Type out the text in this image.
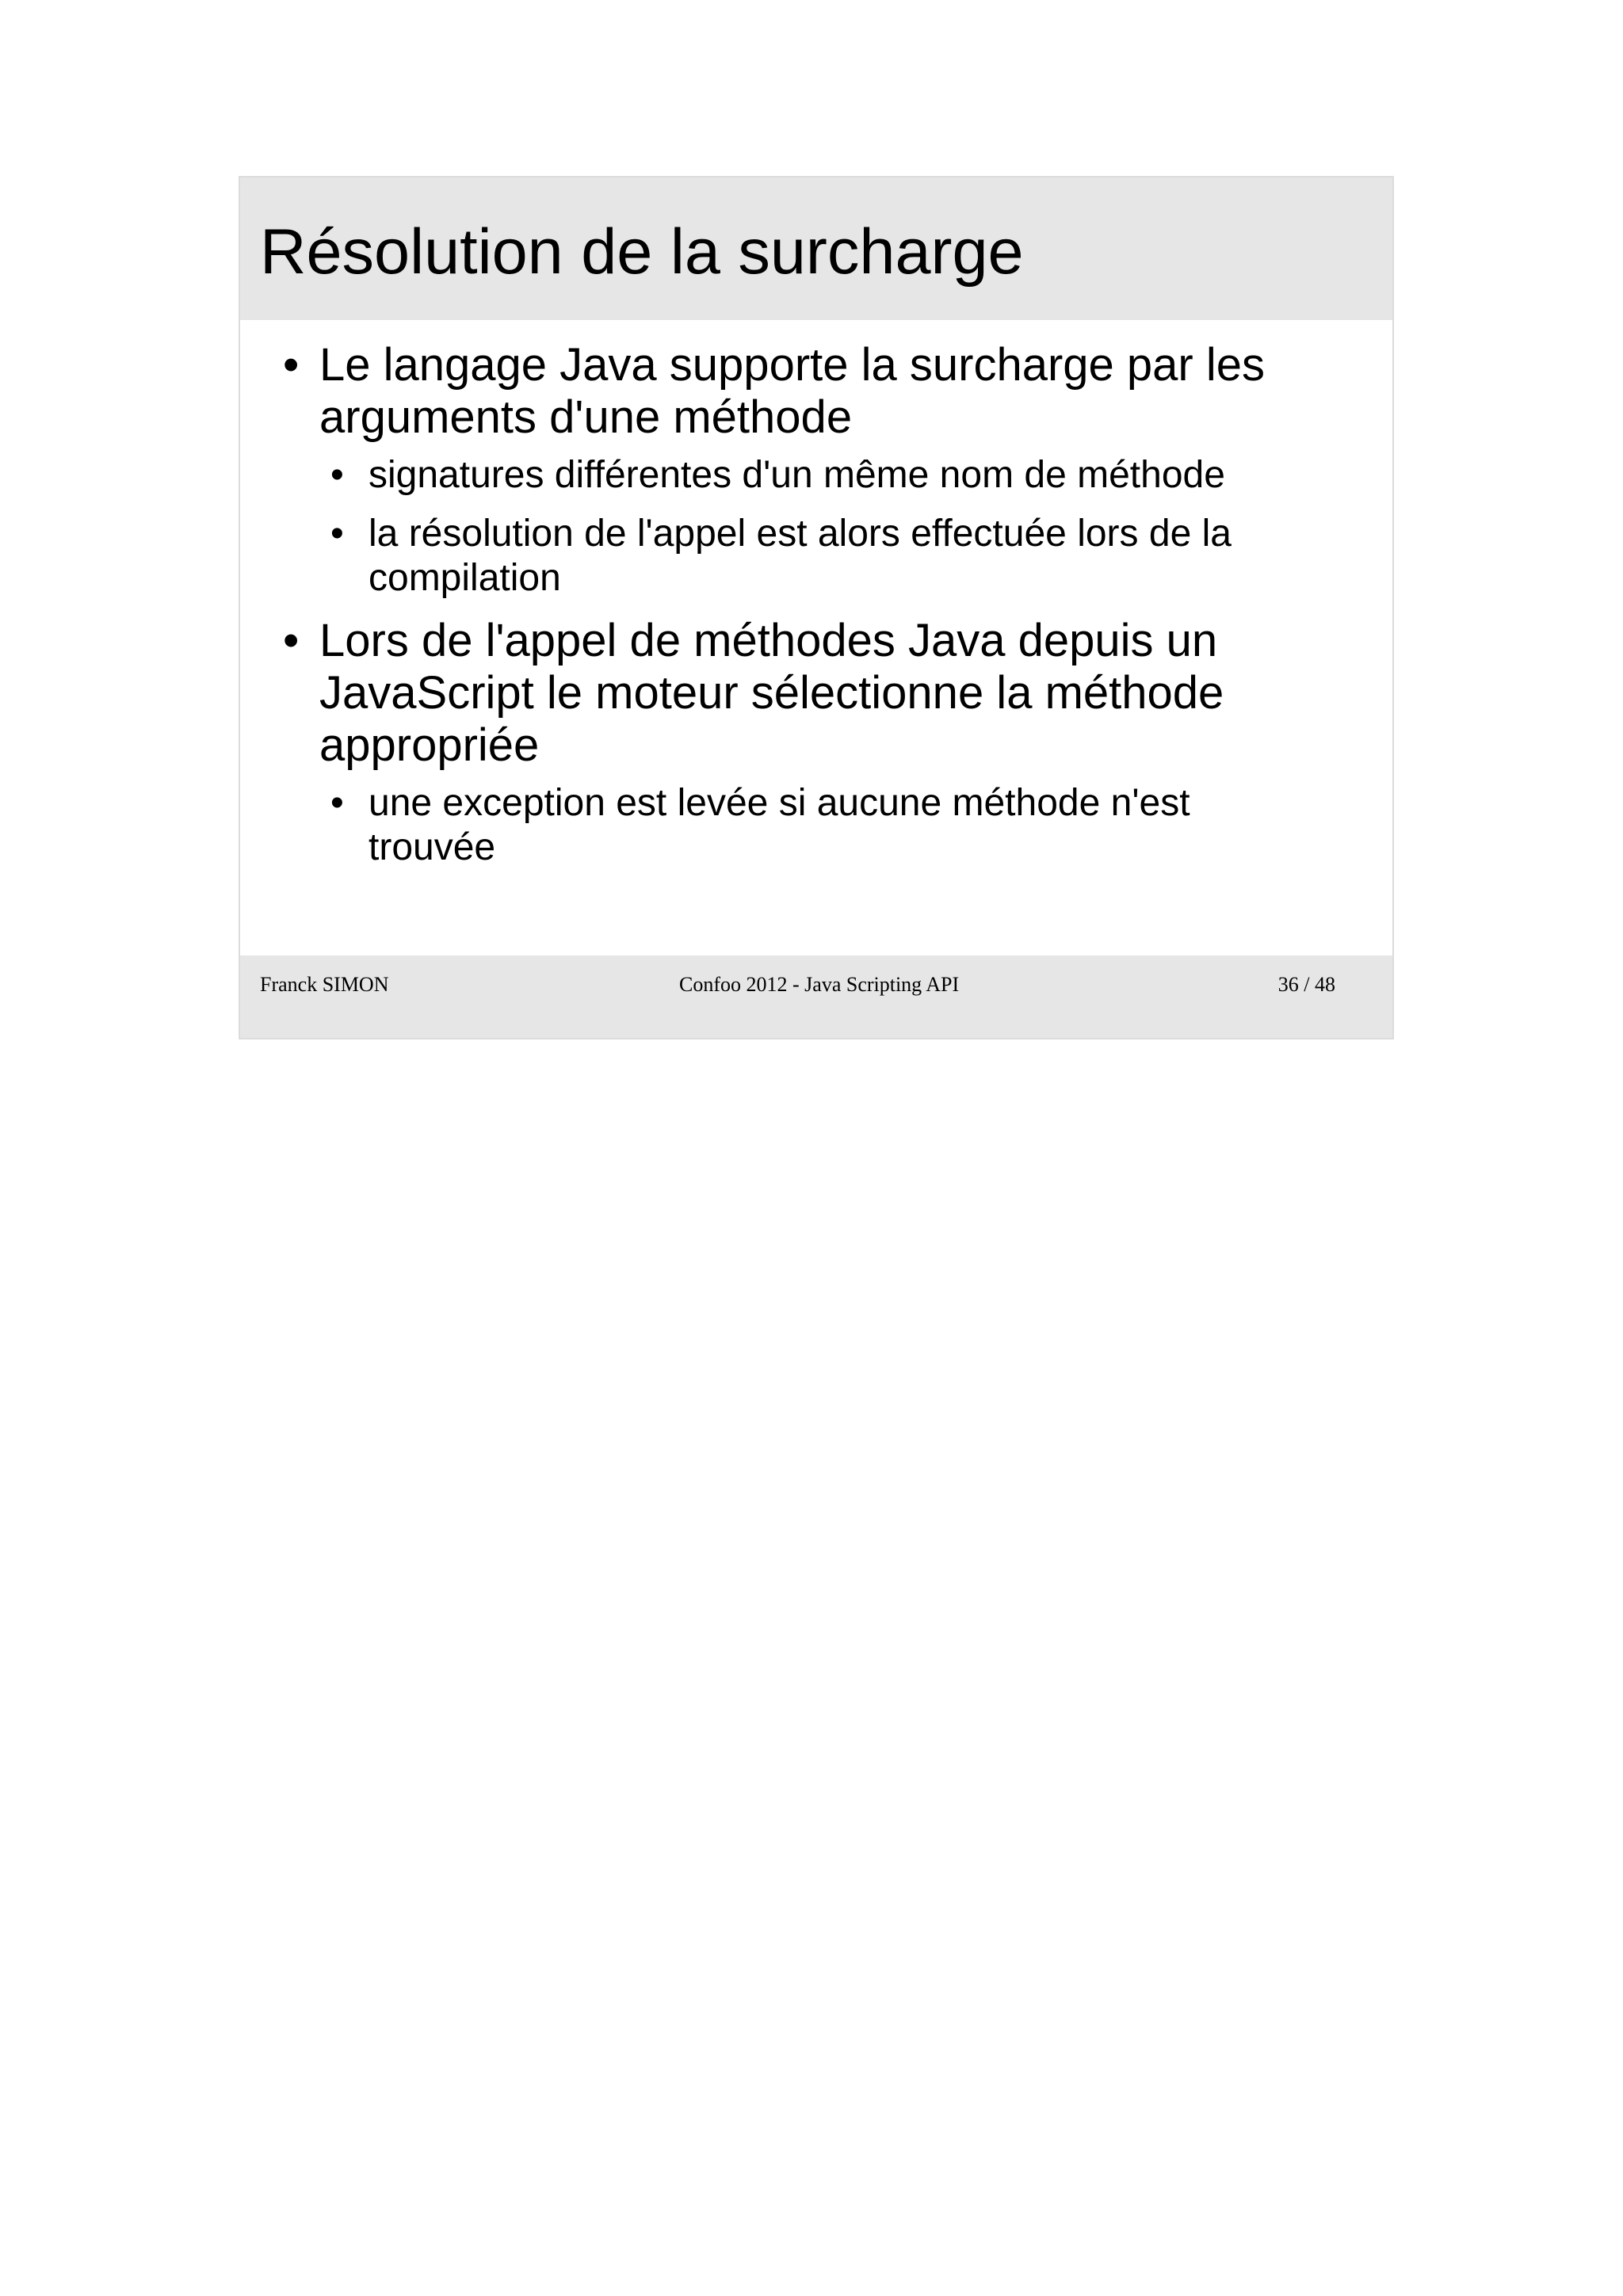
Résolution de la surcharge
• Le langage Java supporte la surcharge par les arguments d'une méthode
• signatures différentes d'un même nom de méthode
• la résolution de l'appel est alors effectuée lors de la compilation
• Lors de l'appel de méthodes Java depuis un JavaScript le moteur sélectionne la méthode appropriée
• une exception est levée si aucune méthode n'est trouvée
Franck SIMON	Confoo 2012 - Java Scripting API	36 / 48
